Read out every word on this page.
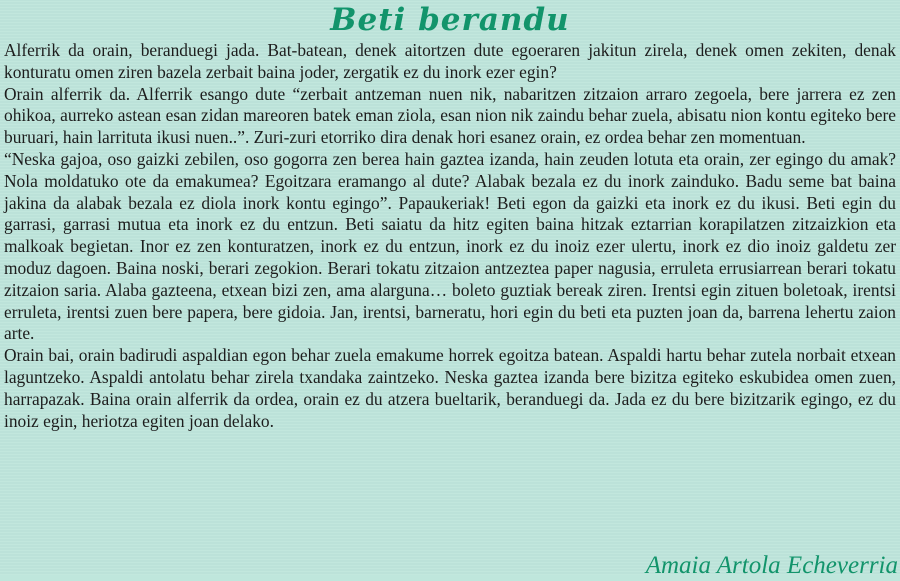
Beti berandu

Alferrik da orain, beranduegi jada. Bat-batean, denek aitortzen dute egoeraren jakitun zirela, denek omen zekiten, denak konturatu omen ziren bazela zerbait baina joder, zergatik ez du inork ezer egin?

Orain alferrik da. Alferrik esango dute “zerbait antzeman nuen nik, nabaritzen zitzaion arraro zegoela, bere jarrera ez zen ohikoa, aurreko astean esan zidan mareoren batek eman ziola, esan nion nik zaindu behar zuela, abisatu nion kontu egiteko bere buruari, hain larrituta ikusi nuen..”. Zuri-zuri etorriko dira denak hori esanez orain, ez ordea behar zen momentuan.

“Neska gajoa, oso gaizki zebilen, oso gogorra zen berea hain gaztea izanda, hain zeuden lotuta eta orain, zer egingo du amak? Nola moldatuko ote da emakumea? Egoitzara eramango al dute? Alabak bezala ez du inork zainduko. Badu seme bat baina jakina da alabak bezala ez diola inork kontu egingo”. Papaukeriak! Beti egon da gaizki eta inork ez du ikusi. Beti egin du garrasi, garrasi mutua eta inork ez du entzun. Beti saiatu da hitz egiten baina hitzak eztarrian korapilatzen zitzaizkion eta malkoak begietan. Inor ez zen konturatzen, inork ez du entzun, inork ez du inoiz ezer ulertu, inork ez dio inoiz galdetu zer moduz dagoen. Baina noski, berari zegokion. Berari tokatu zitzaion antzeztea paper nagusia, erruleta errusiarrean berari tokatu zitzaion saria. Alaba gazteena, etxean bizi zen, ama alarguna… boleto guztiak bereak ziren. Irentsi egin zituen boletoak, irentsi erruleta, irentsi zuen bere papera, bere gidoia. Jan, irentsi, barneratu, hori egin du beti eta puzten joan da, barrena lehertu zaion arte.

Orain bai, orain badirudi aspaldian egon behar zuela emakume horrek egoitza batean. Aspaldi hartu behar zutela norbait etxean laguntzeko. Aspaldi antolatu behar zirela txandaka zaintzeko. Neska gaztea izanda bere bizitza egiteko eskubidea omen zuen, harrapazak. Baina orain alferrik da ordea, orain ez du atzera bueltarik, beranduegi da. Jada ez du bere bizitzarik egingo, ez du inoiz egin, heriotza egiten joan delako.

Amaia Artola Echeverria
